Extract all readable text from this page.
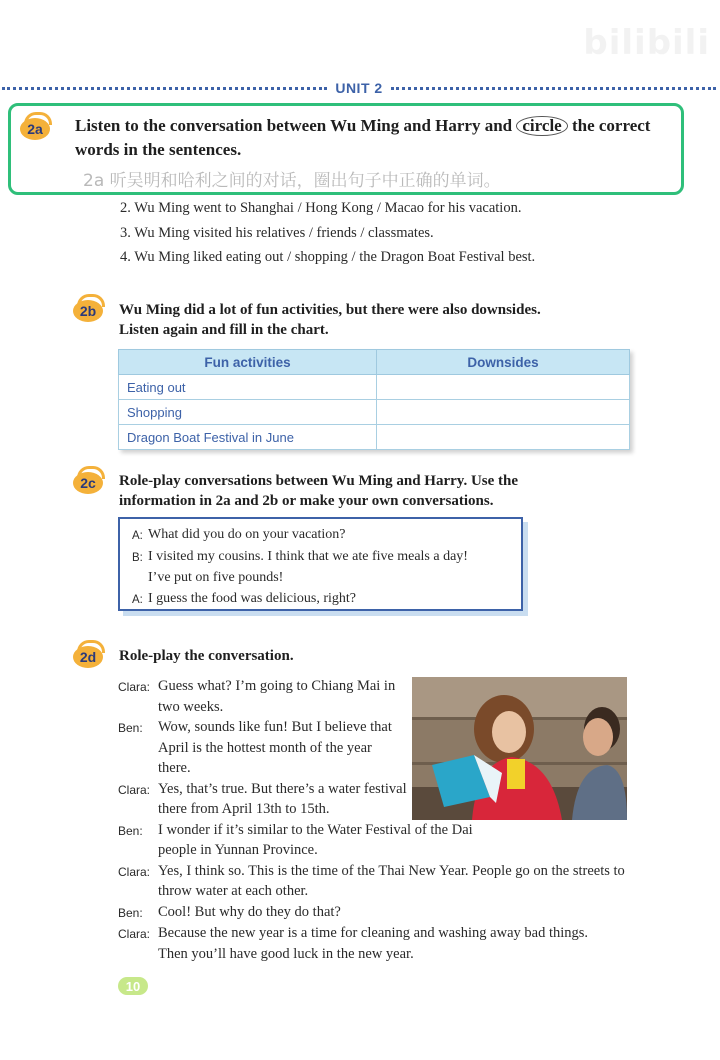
bilibili
UNIT 2
2a	Listen to the conversation between Wu Ming and Harry and circle the correct words in the sentences.
2a 听吴明和哈利之间的对话，圈出句子中正确的单词。
2. Wu Ming went to Shanghai / Hong Kong / Macao for his vacation.
3. Wu Ming visited his relatives / friends / classmates.
4. Wu Ming liked eating out / shopping / the Dragon Boat Festival best.
2b	Wu Ming did a lot of fun activities, but there were also downsides.
Listen again and fill in the chart.
Fun activities	Downsides
Eating out	
Shopping	
Dragon Boat Festival in June	
2c	Role-play conversations between Wu Ming and Harry. Use the
information in 2a and 2b or make your own conversations.
A: What did you do on your vacation?
B: I visited my cousins. I think that we ate five meals a day!
I’ve put on five pounds!
A: I guess the food was delicious, right?
2d	Role-play the conversation.
Clara: Guess what? I’m going to Chiang Mai in two weeks.
Ben:	Wow, sounds like fun! But I believe that April is the hottest month of the year there.
Clara: Yes, that’s true. But there’s a water festival there from April 13th to 15th.
Ben:	I wonder if it’s similar to the Water Festival of the Dai people in Yunnan Province.
Clara: Yes, I think so. This is the time of the Thai New Year. People go on the streets to throw water at each other.
Ben:	Cool! But why do they do that?
Clara: Because the new year is a time for cleaning and washing away bad things. Then you’ll have good luck in the new year.
10
